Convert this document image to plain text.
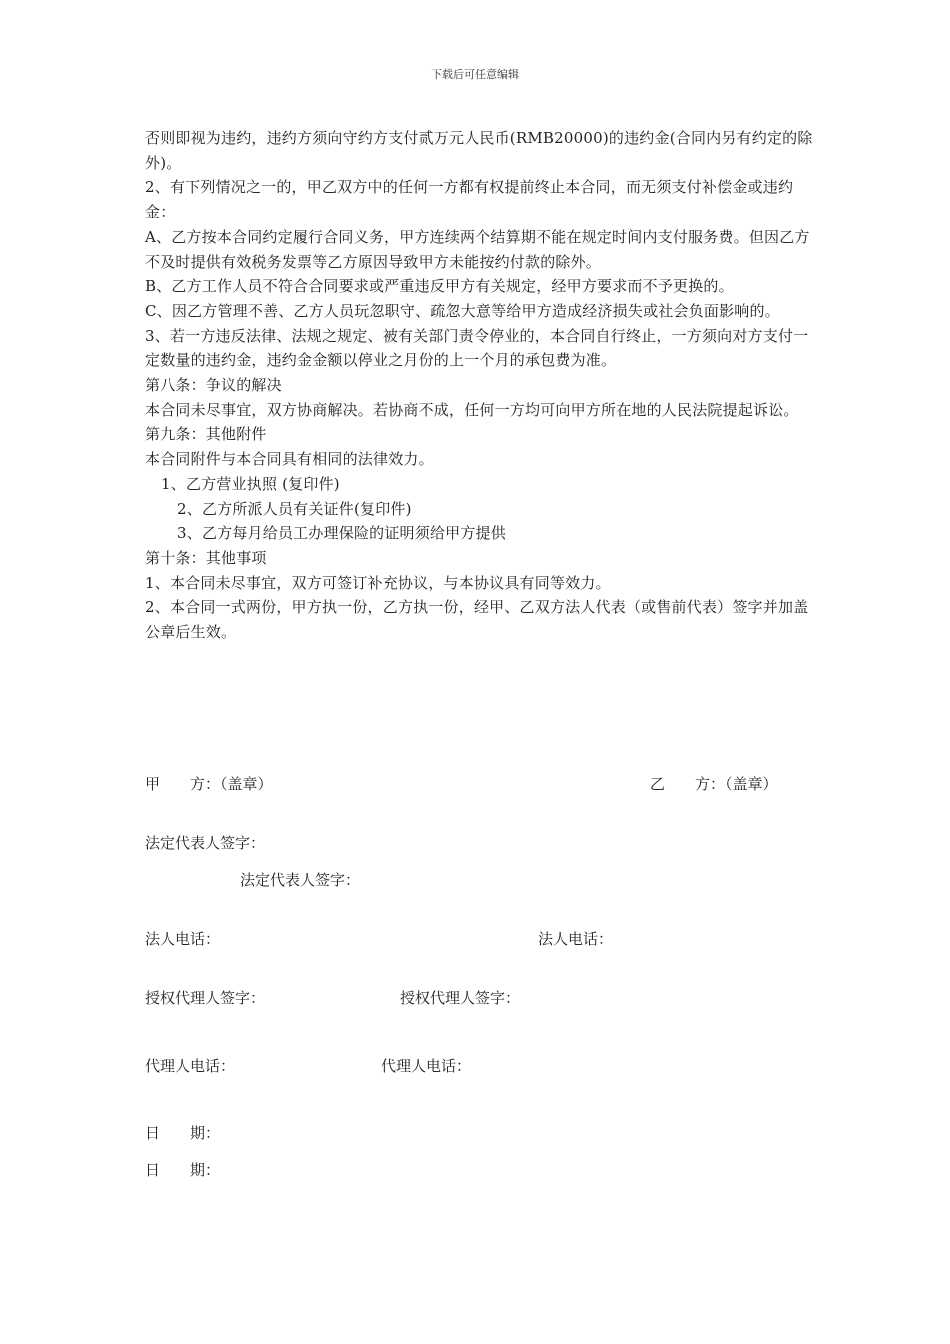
下载后可任意编辑

否则即视为违约，违约方须向守约方支付贰万元人民币(RMB20000)的违约金(合同内另有约定的除外)。

2、有下列情况之一的，甲乙双方中的任何一方都有权提前终止本合同，而无须支付补偿金或违约金：

A、乙方按本合同约定履行合同义务，甲方连续两个结算期不能在规定时间内支付服务费。但因乙方不及时提供有效税务发票等乙方原因导致甲方未能按约付款的除外。

B、乙方工作人员不符合合同要求或严重违反甲方有关规定，经甲方要求而不予更换的。

C、因乙方管理不善、乙方人员玩忽职守、疏忽大意等给甲方造成经济损失或社会负面影响的。

3、若一方违反法律、法规之规定、被有关部门责令停业的，本合同自行终止，一方须向对方支付一定数量的违约金，违约金金额以停业之月份的上一个月的承包费为准。

第八条：争议的解决

本合同未尽事宜，双方协商解决。若协商不成，任何一方均可向甲方所在地的人民法院提起诉讼。

第九条：其他附件

本合同附件与本合同具有相同的法律效力。

1、乙方营业执照 (复印件)

2、乙方所派人员有关证件(复印件)

3、乙方每月给员工办理保险的证明须给甲方提供

第十条：其他事项

1、本合同未尽事宜，双方可签订补充协议，与本协议具有同等效力。

2、本合同一式两份，甲方执一份，乙方执一份，经甲、乙双方法人代表（或售前代表）签字并加盖公章后生效。

甲　　方：（盖章）	乙　　方：（盖章）
法定代表人签字：
法定代表人签字：
法人电话：	法人电话：
授权代理人签字：	授权代理人签字：
代理人电话：	代理人电话：
日　　期：
日　　期：
